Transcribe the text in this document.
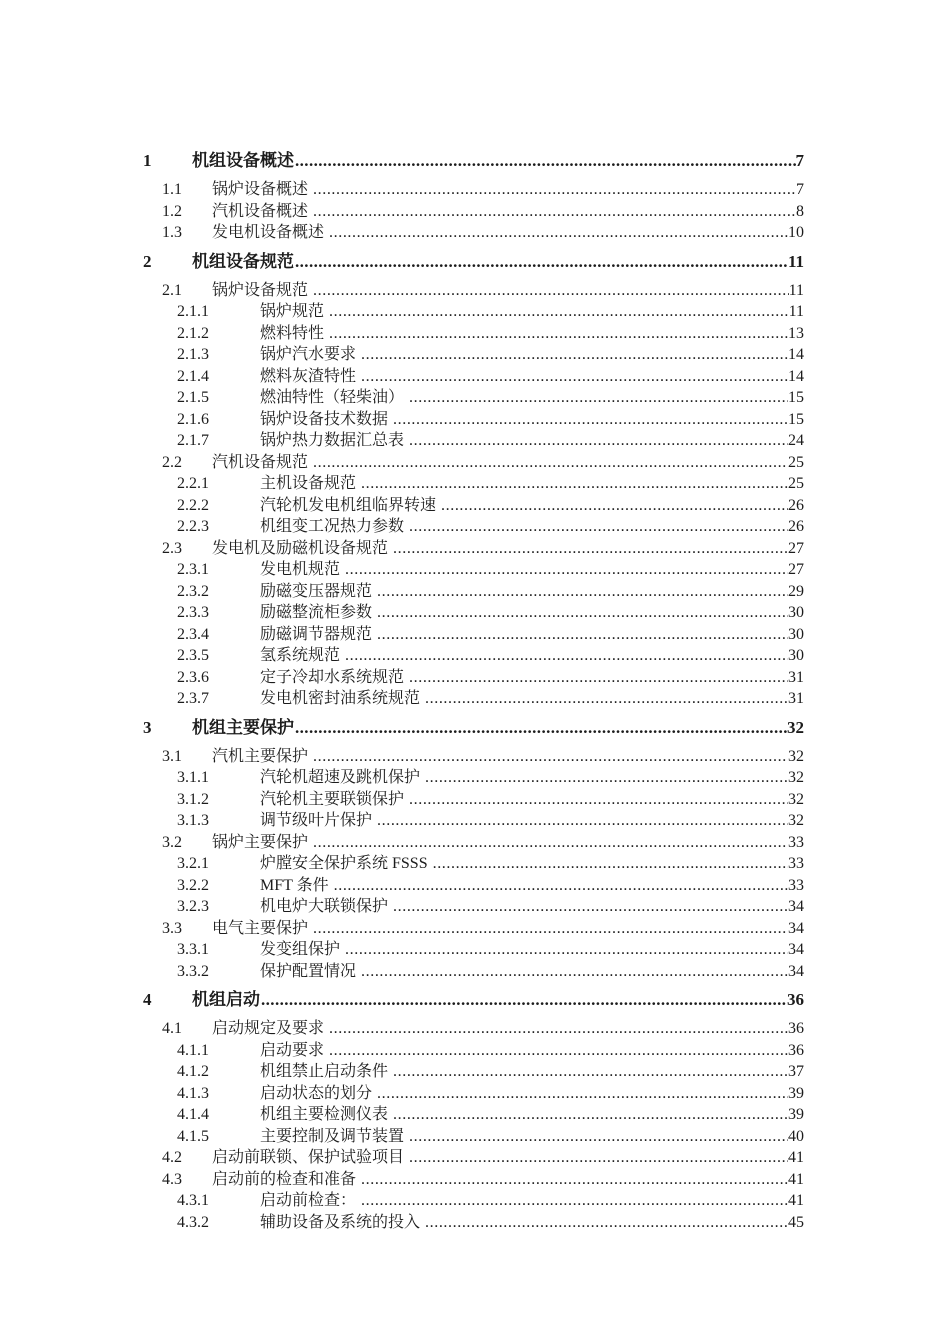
1	机组设备概述 .....	7
1.1	锅炉设备概述 .....	7
1.2	汽机设备概述 .....	8
1.3	发电机设备概述 .....	10
2	机组设备规范 .....	11
2.1	锅炉设备规范 .....	11
2.1.1	锅炉规范 .....	11
2.1.2	燃料特性 .....	13
2.1.3	锅炉汽水要求 .....	14
2.1.4	燃料灰渣特性 .....	14
2.1.5	燃油特性（轻柴油） .....	15
2.1.6	锅炉设备技术数据 .....	15
2.1.7	锅炉热力数据汇总表 .....	24
2.2	汽机设备规范 .....	25
2.2.1	主机设备规范 .....	25
2.2.2	汽轮机发电机组临界转速 .....	26
2.2.3	机组变工况热力参数 .....	26
2.3	发电机及励磁机设备规范 .....	27
2.3.1	发电机规范 .....	27
2.3.2	励磁变压器规范 .....	29
2.3.3	励磁整流柜参数 .....	30
2.3.4	励磁调节器规范 .....	30
2.3.5	氢系统规范 .....	30
2.3.6	定子冷却水系统规范 .....	31
2.3.7	发电机密封油系统规范 .....	31
3	机组主要保护 .....	32
3.1	汽机主要保护 .....	32
3.1.1	汽轮机超速及跳机保护 .....	32
3.1.2	汽轮机主要联锁保护 .....	32
3.1.3	调节级叶片保护 .....	32
3.2	锅炉主要保护 .....	33
3.2.1	炉膛安全保护系统 FSSS .....	33
3.2.2	MFT 条件 .....	33
3.2.3	机电炉大联锁保护 .....	34
3.3	电气主要保护 .....	34
3.3.1	发变组保护 .....	34
3.3.2	保护配置情况 .....	34
4	机组启动 .....	36
4.1	启动规定及要求 .....	36
4.1.1	启动要求 .....	36
4.1.2	机组禁止启动条件 .....	37
4.1.3	启动状态的划分 .....	39
4.1.4	机组主要检测仪表 .....	39
4.1.5	主要控制及调节装置 .....	40
4.2	启动前联锁、保护试验项目 .....	41
4.3	启动前的检查和准备 .....	41
4.3.1	启动前检查： .....	41
4.3.2	辅助设备及系统的投入 .....	45
